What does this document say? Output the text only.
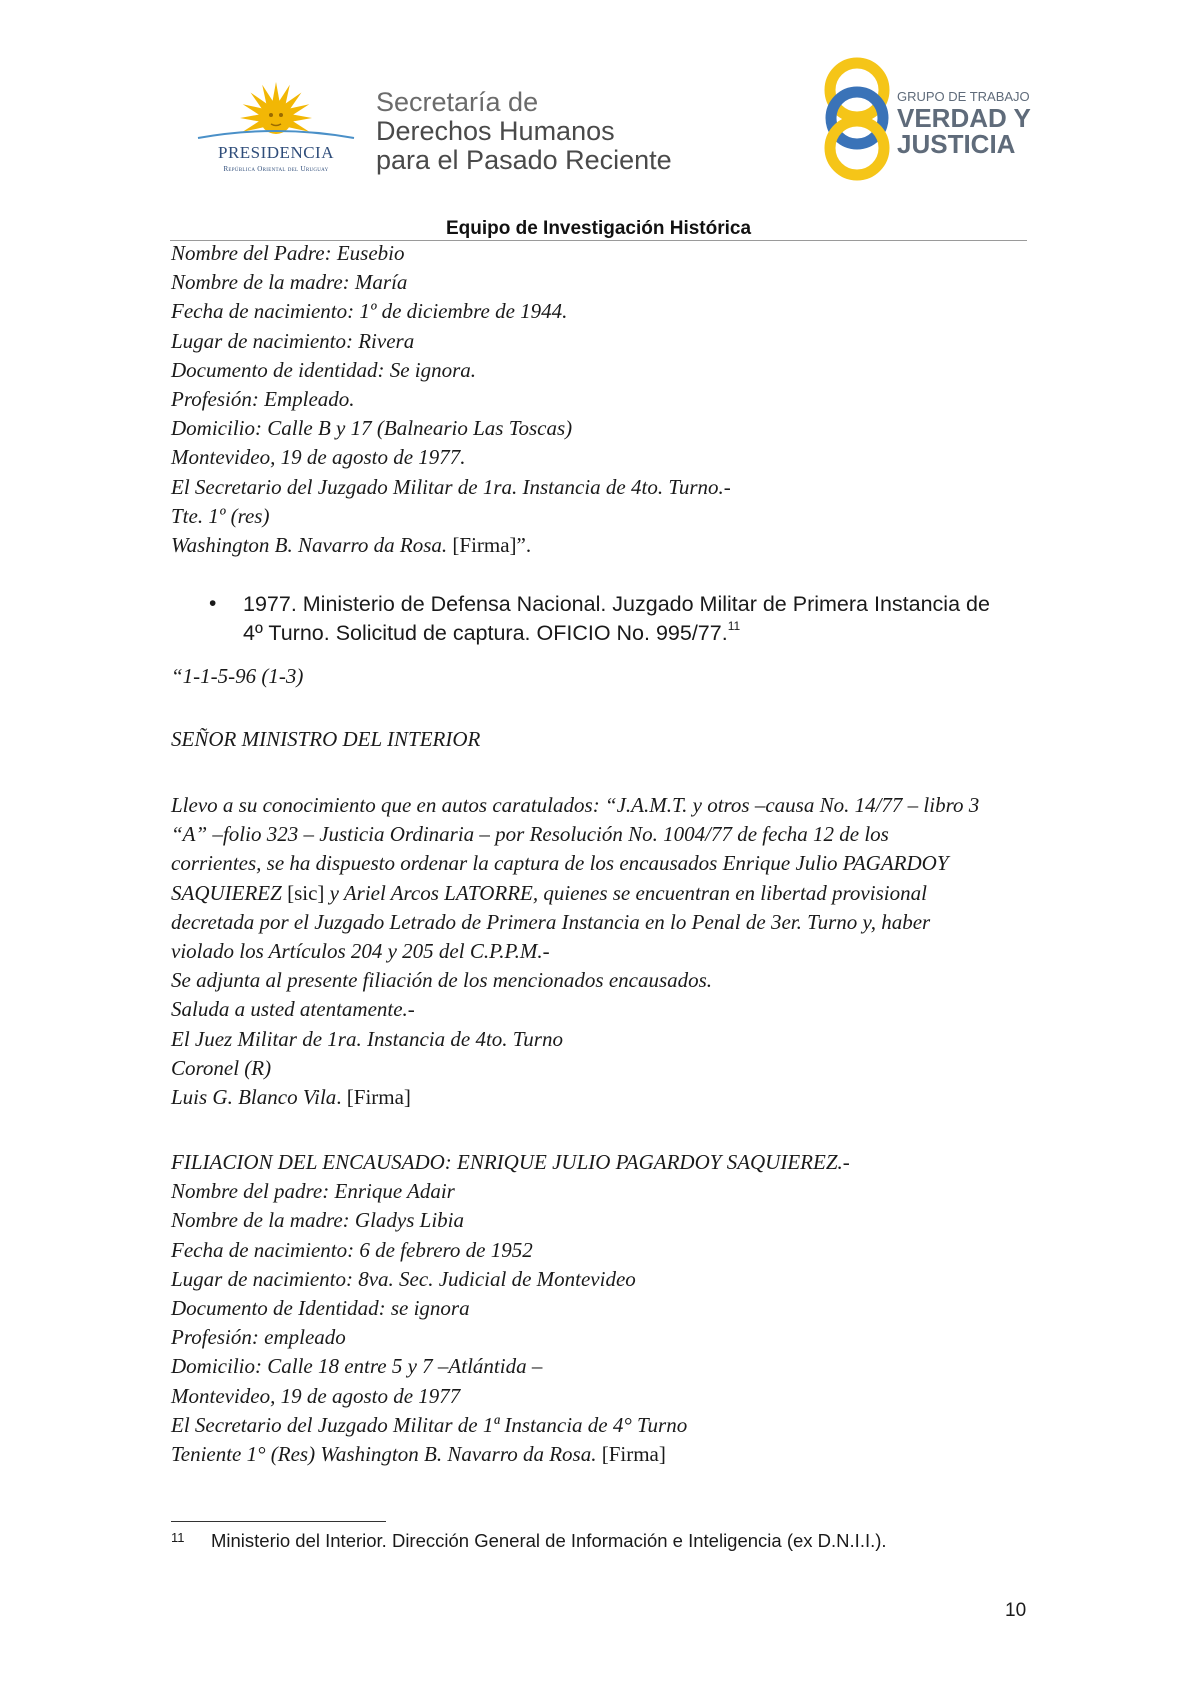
PRESIDENCIA
República Oriental del Uruguay
Secretaría de
Derechos Humanos
para el Pasado Reciente
GRUPO DE TRABAJO
VERDAD Y
JUSTICIA
Equipo de Investigación Histórica
Nombre del Padre: Eusebio
Nombre de la madre: María
Fecha de nacimiento: 1º de diciembre de 1944.
Lugar de nacimiento: Rivera
Documento de identidad: Se ignora.
Profesión: Empleado.
Domicilio: Calle B y 17 (Balneario Las Toscas)
Montevideo, 19 de agosto de 1977.
El Secretario del Juzgado Militar de 1ra. Instancia de 4to. Turno.-
Tte. 1º (res)
Washington B. Navarro da Rosa. [Firma]”.
• 1977. Ministerio de Defensa Nacional. Juzgado Militar de Primera Instancia de
4º Turno. Solicitud de captura. OFICIO No. 995/77.11
“1-1-5-96 (1-3)
SEÑOR MINISTRO DEL INTERIOR
Llevo a su conocimiento que en autos caratulados: “J.A.M.T. y otros –causa No. 14/77 – libro 3
“A” –folio 323 – Justicia Ordinaria – por Resolución No. 1004/77 de fecha 12 de los
corrientes, se ha dispuesto ordenar la captura de los encausados Enrique Julio PAGARDOY
SAQUIEREZ [sic] y Ariel Arcos LATORRE, quienes se encuentran en libertad provisional
decretada por el Juzgado Letrado de Primera Instancia en lo Penal de 3er. Turno y, haber
violado los Artículos 204 y 205 del C.P.P.M.-
Se adjunta al presente filiación de los mencionados encausados.
Saluda a usted atentamente.-
El Juez Militar de 1ra. Instancia de 4to. Turno
Coronel (R)
Luis G. Blanco Vila. [Firma]
FILIACION DEL ENCAUSADO: ENRIQUE JULIO PAGARDOY SAQUIEREZ.-
Nombre del padre: Enrique Adair
Nombre de la madre: Gladys Libia
Fecha de nacimiento: 6 de febrero de 1952
Lugar de nacimiento: 8va. Sec. Judicial de Montevideo
Documento de Identidad: se ignora
Profesión: empleado
Domicilio: Calle 18 entre 5 y 7 –Atlántida –
Montevideo, 19 de agosto de 1977
El Secretario del Juzgado Militar de 1ª Instancia de 4° Turno
Teniente 1° (Res) Washington B. Navarro da Rosa. [Firma]
11 Ministerio del Interior. Dirección General de Información e Inteligencia (ex D.N.I.I.).
10
